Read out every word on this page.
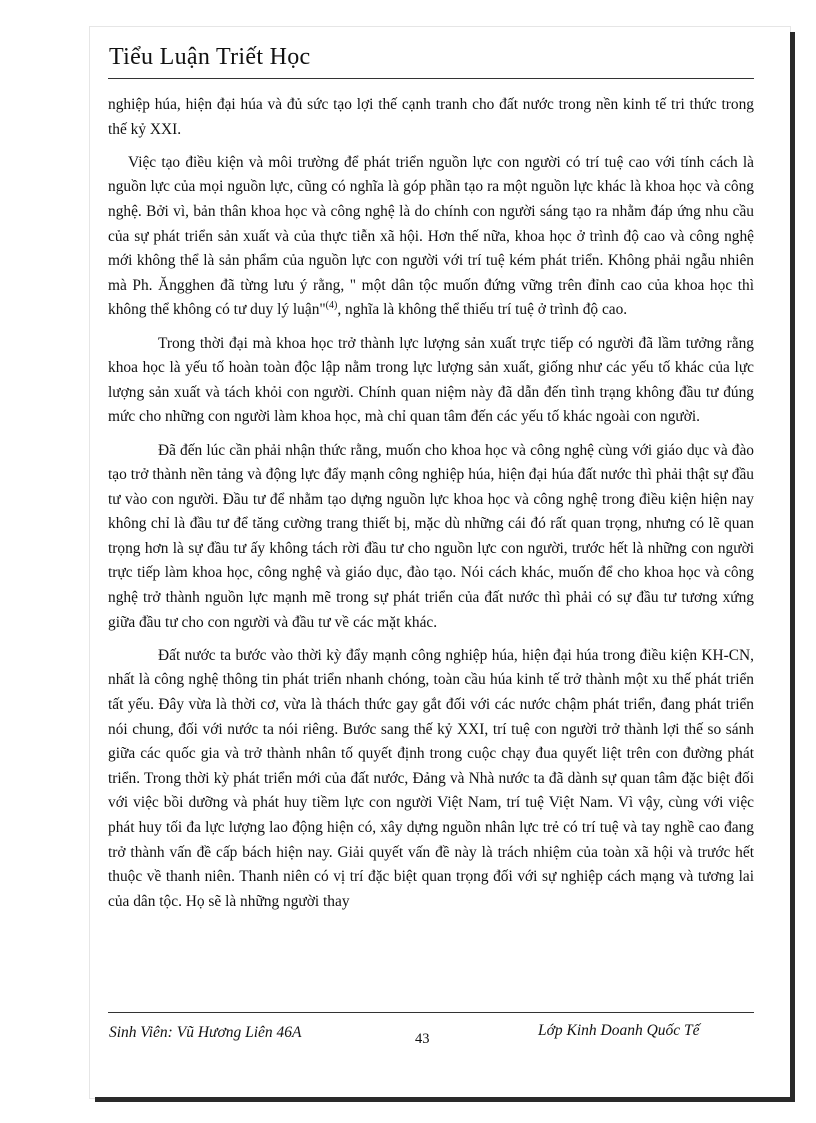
Tiểu Luận Triết Học

nghiệp húa, hiện đại húa và đủ sức tạo lợi thế cạnh tranh cho đất nước trong nền kinh tế tri thức trong thế kỷ XXI.

Việc tạo điều kiện và môi trường để phát triển nguồn lực con người có trí tuệ cao với tính cách là nguồn lực của mọi nguồn lực, cũng có nghĩa là góp phần tạo ra một nguồn lực khác là khoa học và công nghệ. Bởi vì, bản thân khoa học và công nghệ là do chính con người sáng tạo ra nhằm đáp ứng nhu cầu của sự phát triển sản xuất và của thực tiễn xã hội. Hơn thế nữa, khoa học ở trình độ cao và công nghệ mới không thể là sản phẩm của nguồn lực con người với trí tuệ kém phát triển. Không phải ngẫu nhiên mà Ph. Ăngghen đã từng lưu ý rằng, " một dân tộc muốn đứng vững trên đỉnh cao của khoa học thì không thể không có tư duy lý luận"$^{(4)}$, nghĩa là không thể thiếu trí tuệ ở trình độ cao.

Trong thời đại mà khoa học trở thành lực lượng sản xuất trực tiếp có người đã lầm tưởng rằng khoa học là yếu tố hoàn toàn độc lập nằm trong lực lượng sản xuất, giống như các yếu tố khác của lực lượng sản xuất và tách khỏi con người. Chính quan niệm này đã dẫn đến tình trạng không đầu tư đúng mức cho những con người làm khoa học, mà chỉ quan tâm đến các yếu tố khác ngoài con người.

Đã đến lúc cần phải nhận thức rằng, muốn cho khoa học và công nghệ cùng với giáo dục và đào tạo trở thành nền tảng và động lực đẩy mạnh công nghiệp húa, hiện đại húa đất nước thì phải thật sự đầu tư vào con người. Đầu tư để nhằm tạo dựng nguồn lực khoa học và công nghệ trong điều kiện hiện nay không chỉ là đầu tư để tăng cường trang thiết bị, mặc dù những cái đó rất quan trọng, nhưng có lẽ quan trọng hơn là sự đầu tư ấy không tách rời đầu tư cho nguồn lực con người, trước hết là những con người trực tiếp làm khoa học, công nghệ và giáo dục, đào tạo. Nói cách khác, muốn để cho khoa học và công nghệ trở thành nguồn lực mạnh mẽ trong sự phát triển của đất nước thì phải có sự đầu tư tương xứng giữa đầu tư cho con người và đầu tư về các mặt khác.

Đất nước ta bước vào thời kỳ đẩy mạnh công nghiệp húa, hiện đại húa trong điều kiện KH-CN, nhất là công nghệ thông tin phát triển nhanh chóng, toàn cầu húa kinh tế trở thành một xu thế phát triển tất yếu. Đây vừa là thời cơ, vừa là thách thức gay gắt đối với các nước chậm phát triển, đang phát triển nói chung, đối với nước ta nói riêng. Bước sang thế kỷ XXI, trí tuệ con người trở thành lợi thế so sánh giữa các quốc gia và trở thành nhân tố quyết định trong cuộc chạy đua quyết liệt trên con đường phát triển. Trong thời kỳ phát triển mới của đất nước, Đảng và Nhà nước ta đã dành sự quan tâm đặc biệt đối với việc bồi dưỡng và phát huy tiềm lực con người Việt Nam, trí tuệ Việt Nam. Vì vậy, cùng với việc phát huy tối đa lực lượng lao động hiện có, xây dựng nguồn nhân lực trẻ có trí tuệ và tay nghề cao đang trở thành vấn đề cấp bách hiện nay. Giải quyết vấn đề này là trách nhiệm của toàn xã hội và trước hết thuộc về thanh niên. Thanh niên có vị trí đặc biệt quan trọng đối với sự nghiệp cách mạng và tương lai của dân tộc. Họ sẽ là những người thay

Sinh Viên: Vũ Hương Liên 46A	43	Lớp Kinh Doanh Quốc Tế
